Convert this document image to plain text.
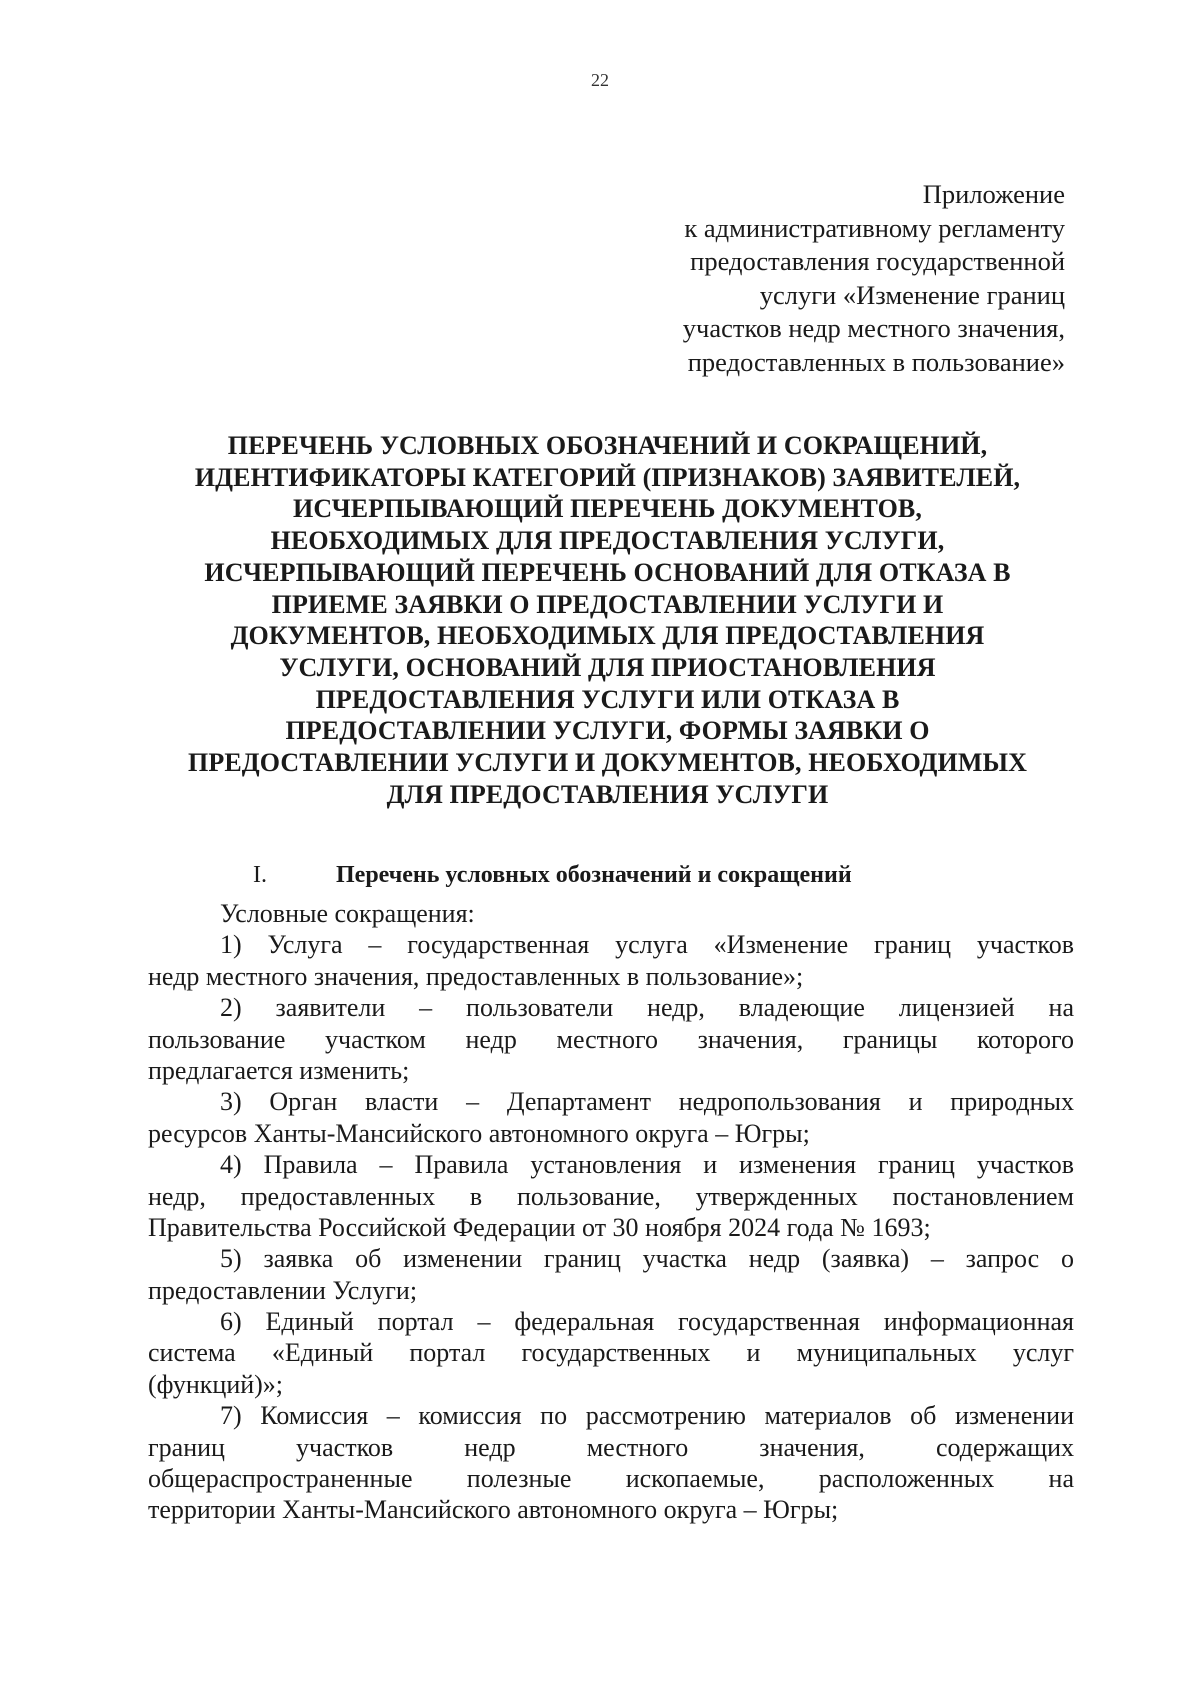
22
Приложение
к административному регламенту
предоставления государственной
услуги «Изменение границ
участков недр местного значения,
предоставленных в пользование»
ПЕРЕЧЕНЬ УСЛОВНЫХ ОБОЗНАЧЕНИЙ И СОКРАЩЕНИЙ,
ИДЕНТИФИКАТОРЫ КАТЕГОРИЙ (ПРИЗНАКОВ) ЗАЯВИТЕЛЕЙ,
ИСЧЕРПЫВАЮЩИЙ ПЕРЕЧЕНЬ ДОКУМЕНТОВ,
НЕОБХОДИМЫХ ДЛЯ ПРЕДОСТАВЛЕНИЯ УСЛУГИ,
ИСЧЕРПЫВАЮЩИЙ ПЕРЕЧЕНЬ ОСНОВАНИЙ ДЛЯ ОТКАЗА В
ПРИЕМЕ ЗАЯВКИ О ПРЕДОСТАВЛЕНИИ УСЛУГИ И
ДОКУМЕНТОВ, НЕОБХОДИМЫХ ДЛЯ ПРЕДОСТАВЛЕНИЯ
УСЛУГИ, ОСНОВАНИЙ ДЛЯ ПРИОСТАНОВЛЕНИЯ
ПРЕДОСТАВЛЕНИЯ УСЛУГИ ИЛИ ОТКАЗА В
ПРЕДОСТАВЛЕНИИ УСЛУГИ, ФОРМЫ ЗАЯВКИ О
ПРЕДОСТАВЛЕНИИ УСЛУГИ И ДОКУМЕНТОВ, НЕОБХОДИМЫХ
ДЛЯ ПРЕДОСТАВЛЕНИЯ УСЛУГИ
I.	Перечень условных обозначений и сокращений
Условные сокращения:
1) Услуга – государственная услуга «Изменение границ участков
недр местного значения, предоставленных в пользование»;
2) заявители – пользователи недр, владеющие лицензией на
пользование участком недр местного значения, границы которого
предлагается изменить;
3) Орган власти – Департамент недропользования и природных
ресурсов Ханты-Мансийского автономного округа – Югры;
4) Правила – Правила установления и изменения границ участков
недр, предоставленных в пользование, утвержденных постановлением
Правительства Российской Федерации от 30 ноября 2024 года № 1693;
5) заявка об изменении границ участка недр (заявка) – запрос о
предоставлении Услуги;
6) Единый портал – федеральная государственная информационная
система «Единый портал государственных и муниципальных услуг
(функций)»;
7) Комиссия – комиссия по рассмотрению материалов об изменении
границ участков недр местного значения, содержащих
общераспространенные полезные ископаемые, расположенных на
территории Ханты-Мансийского автономного округа – Югры;
